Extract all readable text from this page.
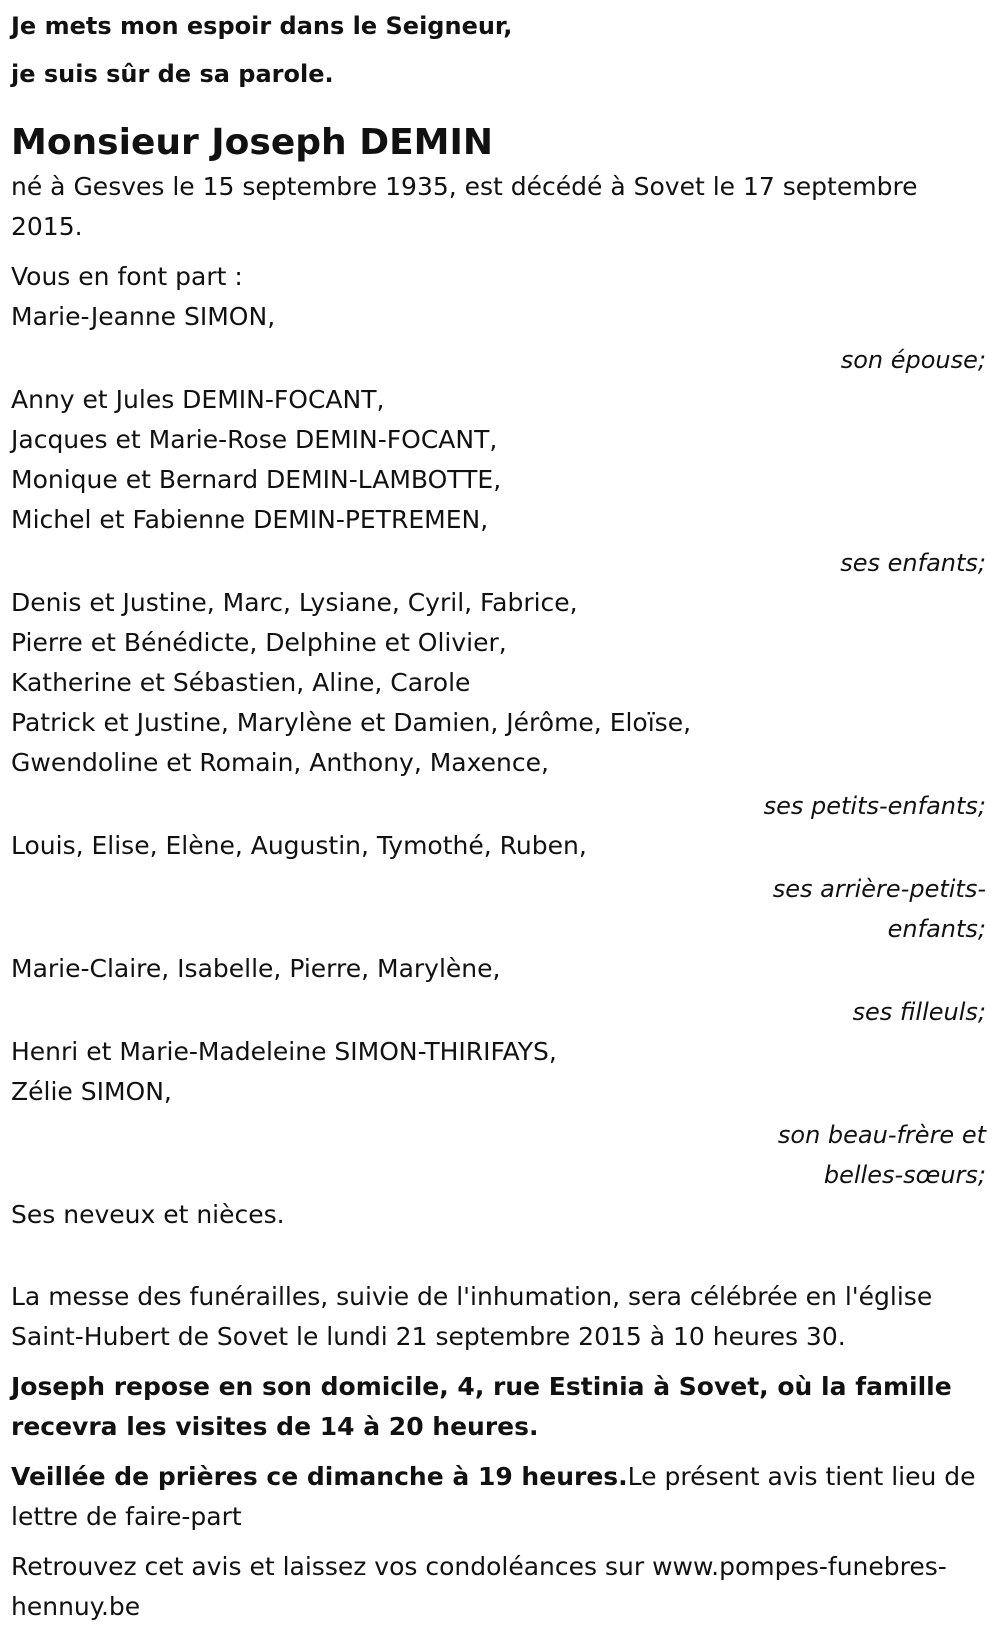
Je mets mon espoir dans le Seigneur,
je suis sûr de sa parole.
Monsieur Joseph DEMIN
né à Gesves le 15 septembre 1935, est décédé à Sovet le 17 septembre 2015.
Vous en font part :
Marie-Jeanne SIMON,
son épouse;
Anny et Jules DEMIN-FOCANT,
Jacques et Marie-Rose DEMIN-FOCANT,
Monique et Bernard DEMIN-LAMBOTTE,
Michel et Fabienne DEMIN-PETREMEN,
ses enfants;
Denis et Justine, Marc, Lysiane, Cyril, Fabrice,
Pierre et Bénédicte, Delphine et Olivier,
Katherine et Sébastien, Aline, Carole
Patrick et Justine, Marylène et Damien, Jérôme, Eloïse,
Gwendoline et Romain, Anthony, Maxence,
ses petits-enfants;
Louis, Elise, Elène, Augustin, Tymothé, Ruben,
ses arrière-petits-enfants;
Marie-Claire, Isabelle, Pierre, Marylène,
ses filleuls;
Henri et Marie-Madeleine SIMON-THIRIFAYS,
Zélie SIMON,
son beau-frère et belles-sœurs;
Ses neveux et nièces.
La messe des funérailles, suivie de l'inhumation, sera célébrée en l'église Saint-Hubert de Sovet le lundi 21 septembre 2015 à 10 heures 30.
Joseph repose en son domicile, 4, rue Estinia à Sovet, où la famille recevra les visites de 14 à 20 heures.
Veillée de prières ce dimanche à 19 heures.Le présent avis tient lieu de lettre de faire-part
Retrouvez cet avis et laissez vos condoléances sur www.pompes-funebres-hennuy.be
